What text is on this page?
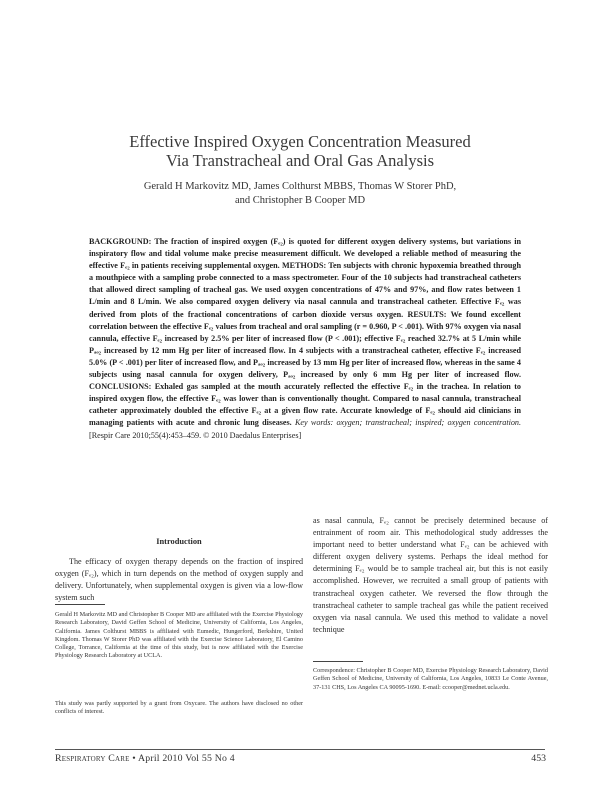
Effective Inspired Oxygen Concentration Measured
Via Transtracheal and Oral Gas Analysis
Gerald H Markovitz MD, James Colthurst MBBS, Thomas W Storer PhD,
and Christopher B Cooper MD
BACKGROUND: The fraction of inspired oxygen (Fₑ₂) is quoted for different oxygen delivery systems, but variations in inspiratory flow and tidal volume make precise measurement difficult. We developed a reliable method of measuring the effective Fₑ₂ in patients receiving supplemental oxygen. METHODS: Ten subjects with chronic hypoxemia breathed through a mouthpiece with a sampling probe connected to a mass spectrometer. Four of the 10 subjects had transtracheal catheters that allowed direct sampling of tracheal gas. We used oxygen concentrations of 47% and 97%, and flow rates between 1 L/min and 8 L/min. We also compared oxygen delivery via nasal cannula and transtracheal catheter. Effective Fₑ₂ was derived from plots of the fractional concentrations of carbon dioxide versus oxygen. RESULTS: We found excellent correlation between the effective Fₑ₂ values from tracheal and oral sampling (r = 0.960, P < .001). With 97% oxygen via nasal cannula, effective Fₑ₂ increased by 2.5% per liter of increased flow (P < .001); effective Fₑ₂ reached 32.7% at 5 L/min while Pₐₒ₂ increased by 12 mm Hg per liter of increased flow. In 4 subjects with a transtracheal catheter, effective Fₑ₂ increased 5.0% (P < .001) per liter of increased flow, and Pₐₒ₂ increased by 13 mm Hg per liter of increased flow, whereas in the same 4 subjects using nasal cannula for oxygen delivery, Pₐₒ₂ increased by only 6 mm Hg per liter of increased flow. CONCLUSIONS: Exhaled gas sampled at the mouth accurately reflected the effective Fₑ₂ in the trachea. In relation to inspired oxygen flow, the effective Fₑ₂ was lower than is conventionally thought. Compared to nasal cannula, transtracheal catheter approximately doubled the effective Fₑ₂ at a given flow rate. Accurate knowledge of Fₑ₂ should aid clinicians in managing patients with acute and chronic lung diseases. Key words: oxygen; transtracheal; inspired; oxygen concentration. [Respir Care 2010;55(4):453–459. © 2010 Daedalus Enterprises]
Introduction

The efficacy of oxygen therapy depends on the fraction of inspired oxygen (Fₑ₂), which in turn depends on the method of oxygen supply and delivery. Unfortunately, when supplemental oxygen is given via a low-flow system such

as nasal cannula, Fₑ₂ cannot be precisely determined because of entrainment of room air. This methodological study addresses the important need to better understand what Fₑ₂ can be achieved with different oxygen delivery systems. Perhaps the ideal method for determining Fₑ₂ would be to sample tracheal air, but this is not easily accomplished. However, we recruited a small group of patients with transtracheal oxygen catheter. We reversed the flow through the transtracheal catheter to sample tracheal gas while the patient received oxygen via nasal cannula. We used this method to validate a novel technique

Gerald H Markovitz MD and Christopher B Cooper MD are affiliated with the Exercise Physiology Research Laboratory, David Geffen School of Medicine, University of California, Los Angeles, California. James Colthurst MBBS is affiliated with Eumedic, Hungerford, Berkshire, United Kingdom. Thomas W Storer PhD was affiliated with the Exercise Science Laboratory, El Camino College, Torrance, California at the time of this study, but is now affiliated with the Exercise Physiology Research Laboratory at UCLA.
This study was partly supported by a grant from Oxycare. The authors have disclosed no other conflicts of interest.
Correspondence: Christopher B Cooper MD, Exercise Physiology Research Laboratory, David Geffen School of Medicine, University of California, Los Angeles, 10833 Le Conte Avenue, 37-131 CHS, Los Angeles CA 90095-1690. E-mail: ccooper@mednet.ucla.edu.
Respiratory Care • April 2010 Vol 55 No 4	453
